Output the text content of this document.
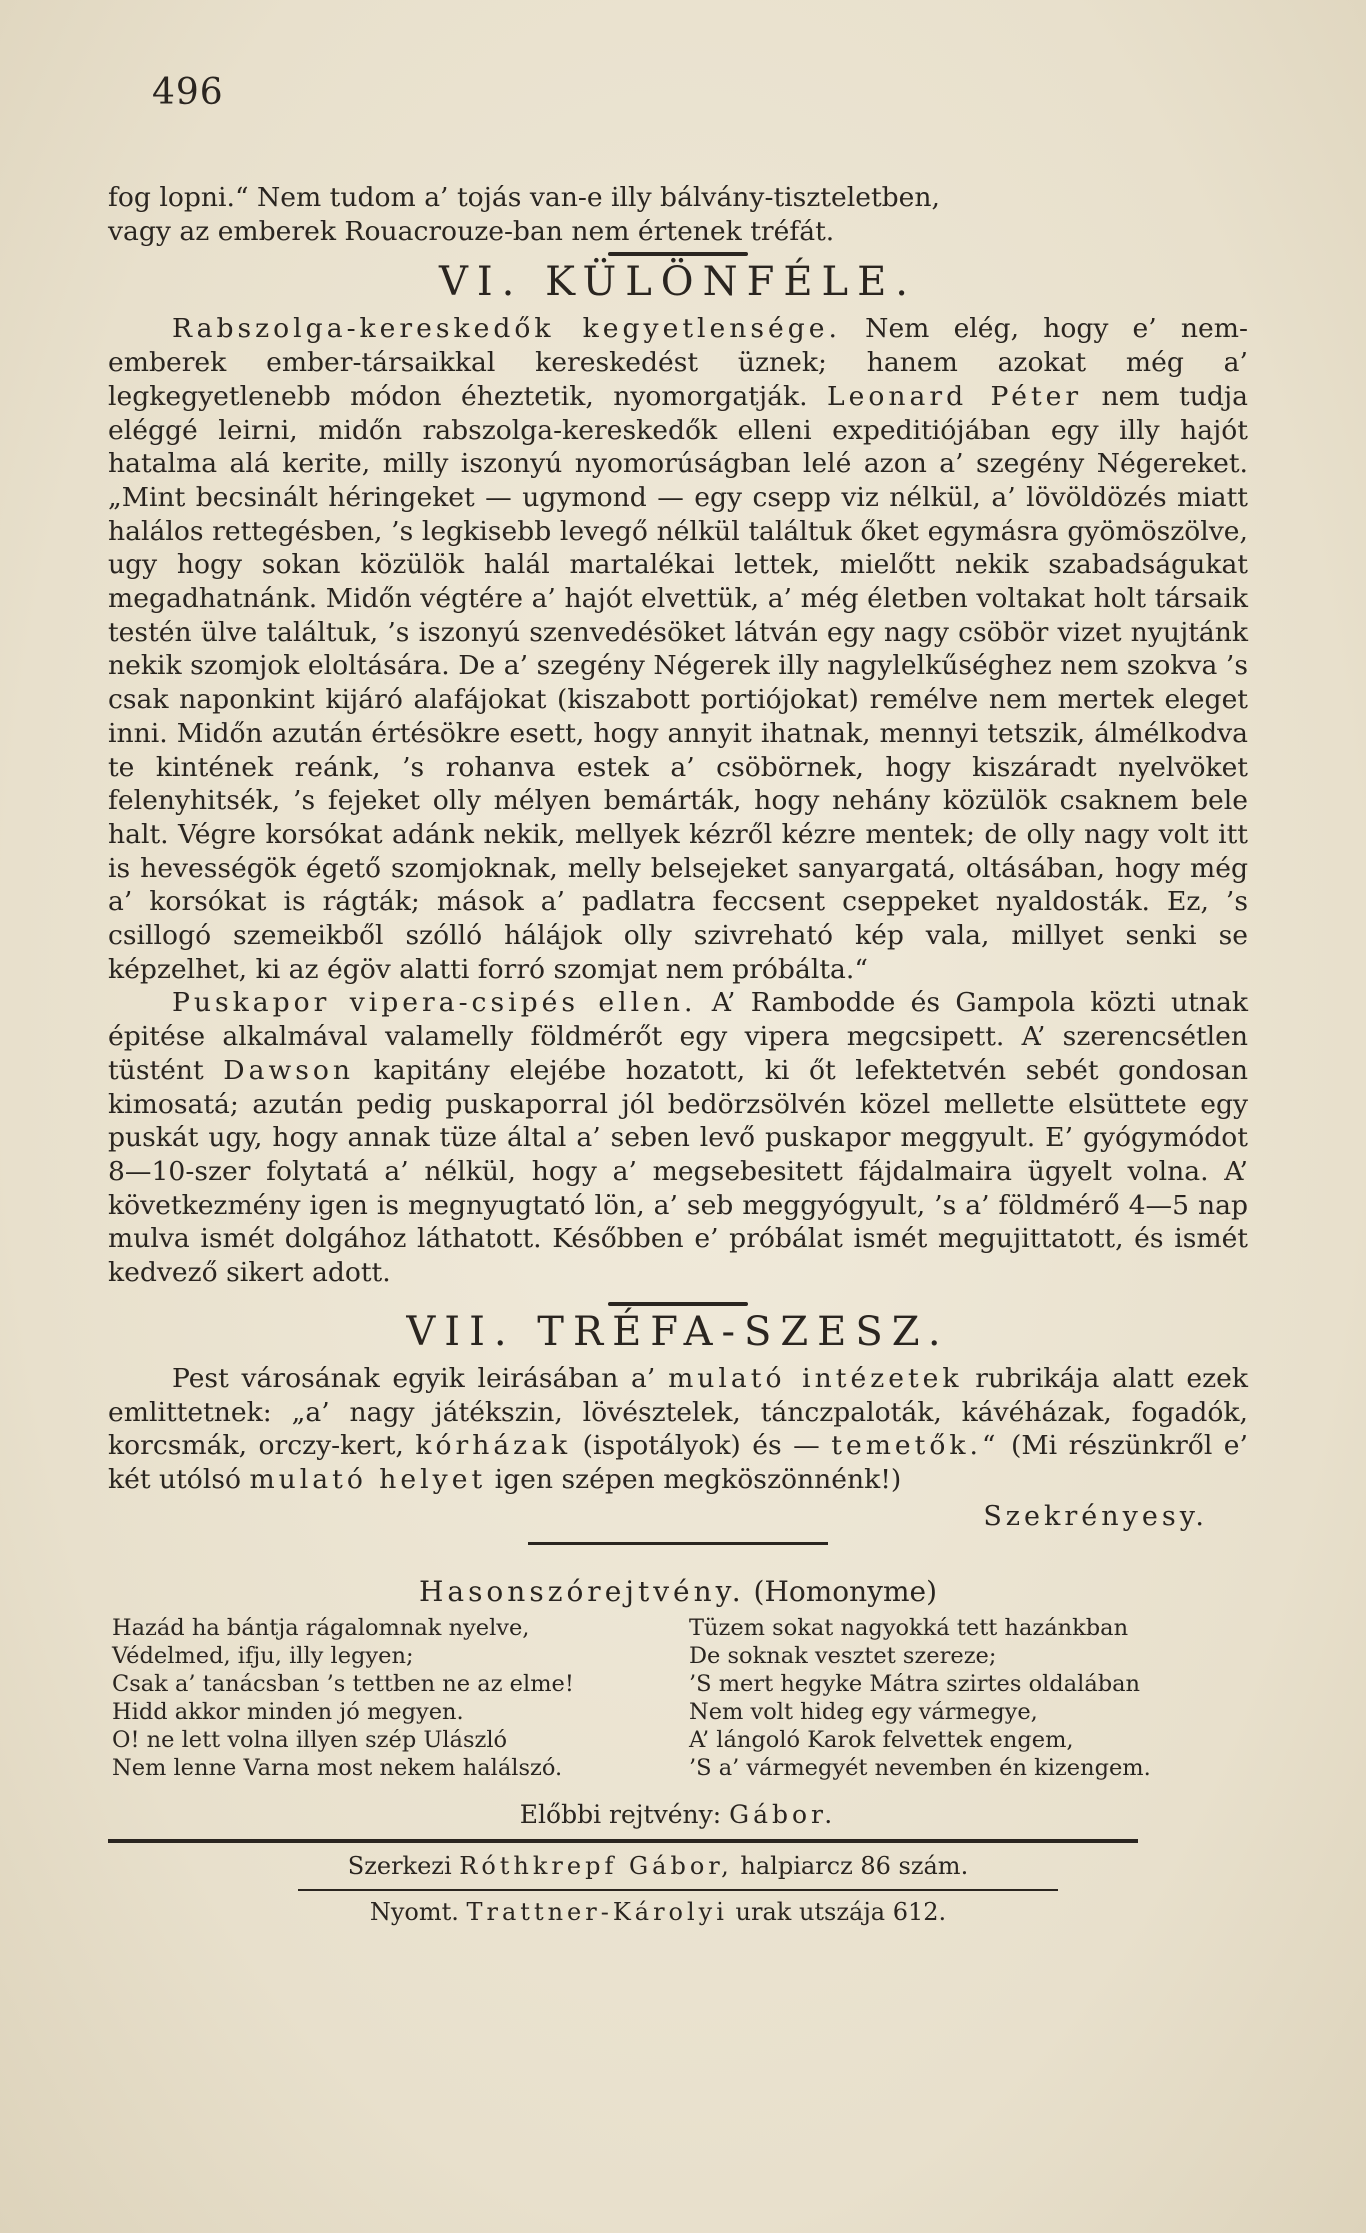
496

fog lopni.“ Nem tudom a’ tojás van-e illy bálvány-tiszteletben,
vagy az emberek Rouacrouze-ban nem értenek tréfát.

VI. KÜLÖNFÉLE.

Rabszolga-kereskedők kegyetlensége. Nem elég, hogy e’ nem-emberek ember-társaikkal kereskedést üznek; hanem azokat még a’ legkegyetlenebb módon éheztetik, nyomorgatják. Leonard Péter nem tudja eléggé leirni, midőn rabszolga-kereskedők elleni expeditiójában egy illy hajót hatalma alá kerite, milly iszonyú nyomorúságban lelé azon a’ szegény Négereket. „Mint becsinált héringeket — ugymond — egy csepp viz nélkül, a’ lövöldözés miatt halálos rettegésben, ’s legkisebb levegő nélkül találtuk őket egymásra gyömöszölve, ugy hogy sokan közülök halál martalékai lettek, mielőtt nekik szabadságukat megadhatnánk. Midőn végtére a’ hajót elvettük, a’ még életben voltakat holt társaik testén ülve találtuk, ’s iszonyú szenvedésöket látván egy nagy csöbör vizet nyujtánk nekik szomjok eloltására. De a’ szegény Négerek illy nagylelkűséghez nem szokva ’s csak naponkint kijáró alafájokat (kiszabott portiójokat) remélve nem mertek eleget inni. Midőn azután értésökre esett, hogy annyit ihatnak, mennyi tetszik, álmélkodva te kintének reánk, ’s rohanva estek a’ csöbörnek, hogy kiszáradt nyelvöket felenyhitsék, ’s fejeket olly mélyen bemárták, hogy nehány közülök csaknem bele halt. Végre korsókat adánk nekik, mellyek kézről kézre mentek; de olly nagy volt itt is hevességök égető szomjoknak, melly belsejeket sanyargatá, oltásában, hogy még a’ korsókat is rágták; mások a’ padlatra feccsent cseppeket nyaldosták. Ez, ’s csillogó szemeikből szólló hálájok olly szivreható kép vala, millyet senki se képzelhet, ki az égöv alatti forró szomjat nem próbálta.“

Puskapor vipera-csipés ellen. A’ Rambodde és Gampola közti utnak épitése alkalmával valamelly földmérőt egy vipera megcsipett. A’ szerencsétlen tüstént Dawson kapitány elejébe hozatott, ki őt lefektetvén sebét gondosan kimosatá; azután pedig puskaporral jól bedörzsölvén közel mellette elsüttete egy puskát ugy, hogy annak tüze által a’ seben levő puskapor meggyult. E’ gyógymódot 8—10-szer folytatá a’ nélkül, hogy a’ megsebesitett fájdalmaira ügyelt volna. A’ következmény igen is megnyugtató lön, a’ seb meggyógyult, ’s a’ földmérő 4—5 nap mulva ismét dolgához láthatott. Későbben e’ próbálat ismét megujittatott, és ismét kedvező sikert adott.

VII. TRÉFA-SZESZ.

Pest városának egyik leirásában a’ mulató intézetek rubrikája alatt ezek emlittetnek: „a’ nagy játékszin, lövésztelek, tánczpaloták, kávéházak, fogadók, korcsmák, orczy-kert, kórházak (ispotályok) és — temetők.“ (Mi részünkről e’ két utólsó mulató helyet igen szépen megköszönnénk!)

Szekrényesy.
Hasonszórejtvény. (Homonyme)
Hazád ha bántja rágalomnak nyelve,
Védelmed, ifju, illy legyen;
Csak a’ tanácsban ’s tettben ne az elme!
Hidd akkor minden jó megyen.
O! ne lett volna illyen szép Ulászló
Nem lenne Varna most nekem halálszó.
Tüzem sokat nagyokká tett hazánkban
De soknak vesztet szereze;
’S mert hegyke Mátra szirtes oldalában
Nem volt hideg egy vármegye,
A’ lángoló Karok felvettek engem,
’S a’ vármegyét nevemben én kizengem.
Előbbi rejtvény: Gábor.
Szerkezi Róthkrepf Gábor, halpiarcz 86 szám.
Nyomt. Trattner-Károlyi urak utszája 612.
